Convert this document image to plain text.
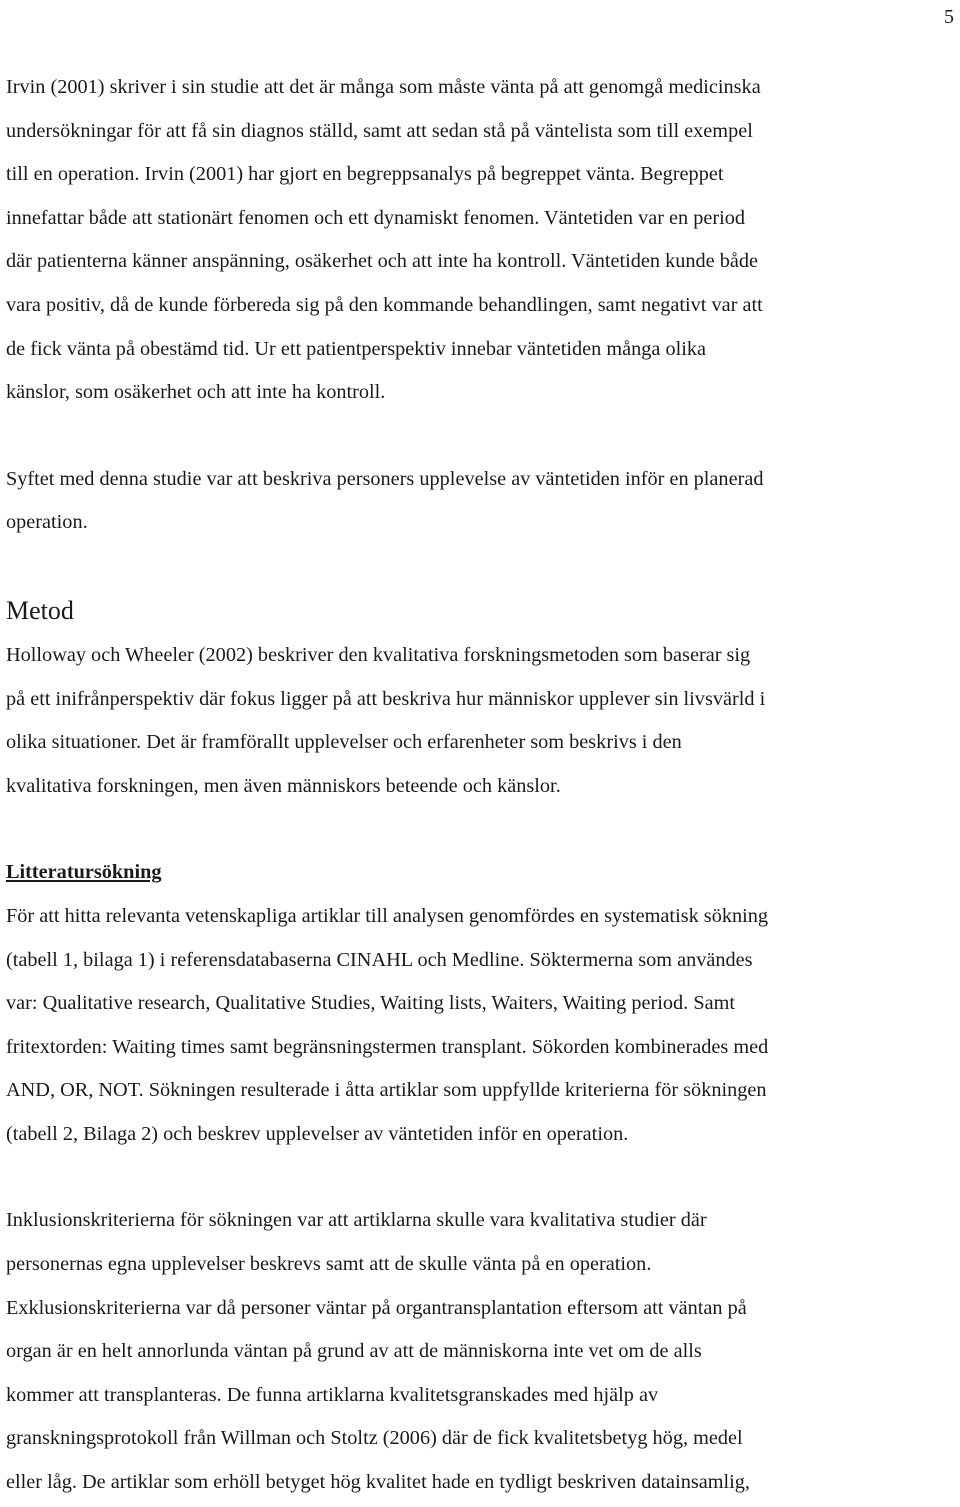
5

Irvin (2001) skriver i sin studie att det är många som måste vänta på att genomgå medicinska

undersökningar för att få sin diagnos ställd, samt att sedan stå på väntelista som till exempel

till en operation. Irvin (2001) har gjort en begreppsanalys på begreppet vänta. Begreppet

innefattar både att stationärt fenomen och ett dynamiskt fenomen. Väntetiden var en period

där patienterna känner anspänning, osäkerhet och att inte ha kontroll. Väntetiden kunde både

vara positiv, då de kunde förbereda sig på den kommande behandlingen, samt negativt var att

de fick vänta på obestämd tid. Ur ett patientperspektiv innebar väntetiden många olika

känslor, som osäkerhet och att inte ha kontroll.

Syftet med denna studie var att beskriva personers upplevelse av väntetiden inför en planerad

operation.

Metod

Holloway och Wheeler (2002) beskriver den kvalitativa forskningsmetoden som baserar sig

på ett inifrånperspektiv där fokus ligger på att beskriva hur människor upplever sin livsvärld i

olika situationer. Det är framförallt upplevelser och erfarenheter som beskrivs i den

kvalitativa forskningen, men även människors beteende och känslor.

Litteratursökning

För att hitta relevanta vetenskapliga artiklar till analysen genomfördes en systematisk sökning

(tabell 1, bilaga 1) i referensdatabaserna CINAHL och Medline. Söktermerna som användes

var: Qualitative research, Qualitative Studies, Waiting lists, Waiters, Waiting period. Samt

fritextorden: Waiting times samt begränsningstermen transplant. Sökorden kombinerades med

AND, OR, NOT. Sökningen resulterade i åtta artiklar som uppfyllde kriterierna för sökningen

(tabell 2, Bilaga 2) och beskrev upplevelser av väntetiden inför en operation.

Inklusionskriterierna för sökningen var att artiklarna skulle vara kvalitativa studier där

personernas egna upplevelser beskrevs samt att de skulle vänta på en operation.

Exklusionskriterierna var då personer väntar på organtransplantation eftersom att väntan på

organ är en helt annorlunda väntan på grund av att de människorna inte vet om de alls

kommer att transplanteras. De funna artiklarna kvalitetsgranskades med hjälp av

granskningsprotokoll från Willman och Stoltz (2006) där de fick kvalitetsbetyg hög, medel

eller låg. De artiklar som erhöll betyget hög kvalitet hade en tydligt beskriven datainsamlig,
